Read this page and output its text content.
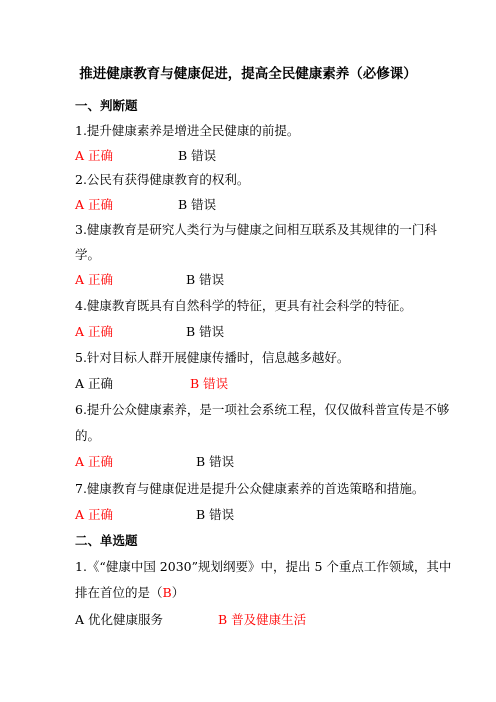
推进健康教育与健康促进，提高全民健康素养（必修课）
一、判断题
1.提升健康素养是增进全民健康的前提。
A 正确	B 错误
2.公民有获得健康教育的权利。
A 正确	B 错误
3.健康教育是研究人类行为与健康之间相互联系及其规律的一门科
学。
A 正确	B 错误
4.健康教育既具有自然科学的特征，更具有社会科学的特征。
A 正确	B 错误
5.针对目标人群开展健康传播时，信息越多越好。
A 正确	B 错误
6.提升公众健康素养，是一项社会系统工程，仅仅做科普宣传是不够
的。
A 正确	B 错误
7.健康教育与健康促进是提升公众健康素养的首选策略和措施。
A 正确	B 错误
二、单选题
1.《“健康中国 2030”规划纲要》中，提出 5 个重点工作领域，其中
排在首位的是（B）
A 优化健康服务	B 普及健康生活
